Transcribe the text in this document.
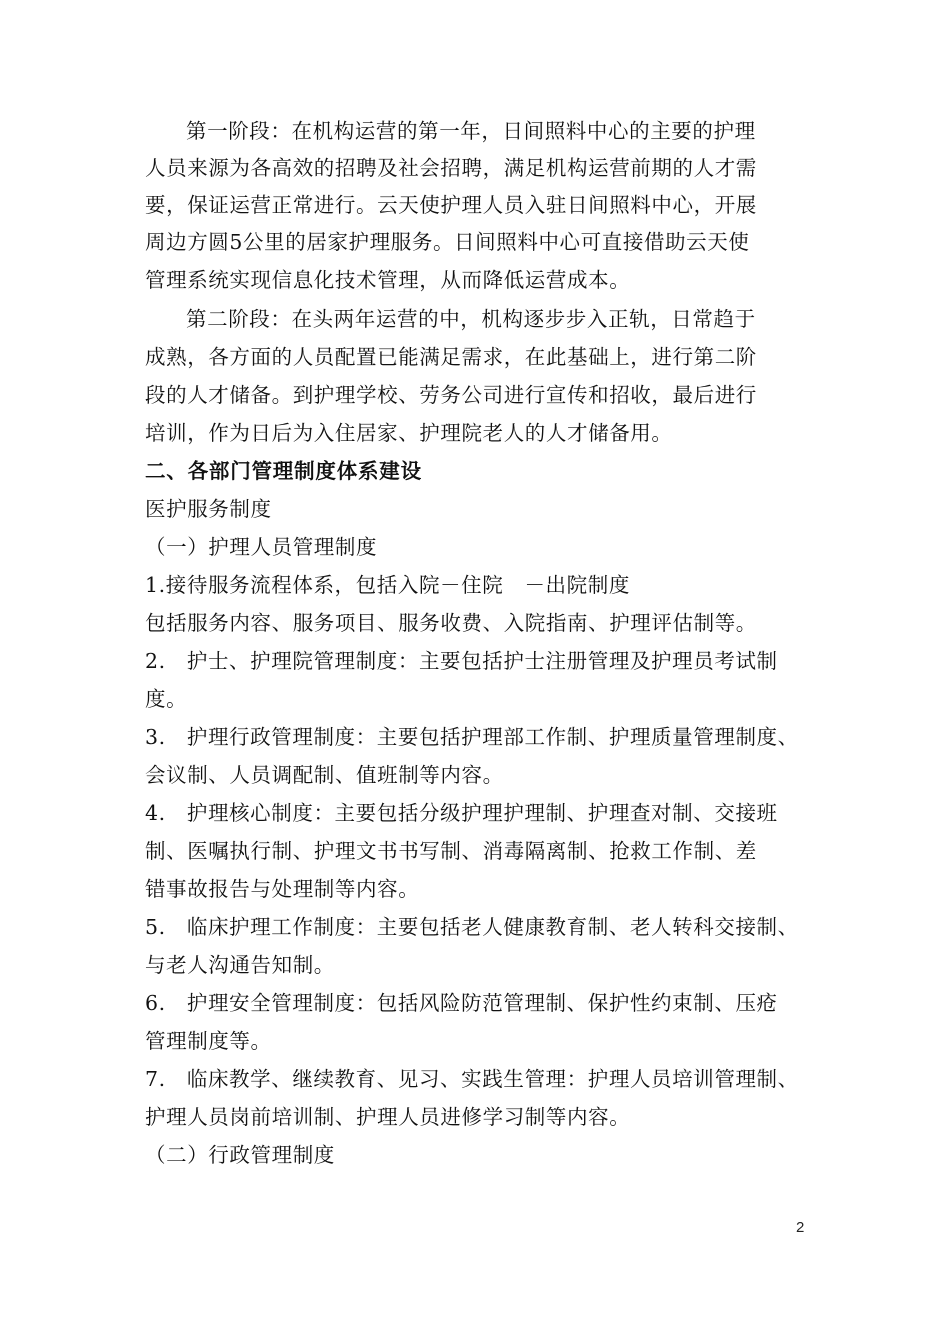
第一阶段：在机构运营的第一年，日间照料中心的主要的护理
人员来源为各高效的招聘及社会招聘，满足机构运营前期的人才需
要，保证运营正常进行。云天使护理人员入驻日间照料中心，开展
周边方圆5公里的居家护理服务。日间照料中心可直接借助云天使
管理系统实现信息化技术管理，从而降低运营成本。
第二阶段：在头两年运营的中，机构逐步步入正轨，日常趋于
成熟，各方面的人员配置已能满足需求，在此基础上，进行第二阶
段的人才储备。到护理学校、劳务公司进行宣传和招收，最后进行
培训，作为日后为入住居家、护理院老人的人才储备用。
二、各部门管理制度体系建设
医护服务制度
（一）护理人员管理制度
1.接待服务流程体系，包括入院－住院　－出院制度
包括服务内容、服务项目、服务收费、入院指南、护理评估制等。
2.　护士、护理院管理制度：主要包括护士注册管理及护理员考试制
度。
3.　护理行政管理制度：主要包括护理部工作制、护理质量管理制度、
会议制、人员调配制、值班制等内容。
4.　护理核心制度：主要包括分级护理护理制、护理查对制、交接班
制、医嘱执行制、护理文书书写制、消毒隔离制、抢救工作制、差
错事故报告与处理制等内容。
5.　临床护理工作制度：主要包括老人健康教育制、老人转科交接制、
与老人沟通告知制。
6.　护理安全管理制度：包括风险防范管理制、保护性约束制、压疮
管理制度等。
7.　临床教学、继续教育、见习、实践生管理：护理人员培训管理制、
护理人员岗前培训制、护理人员进修学习制等内容。
（二）行政管理制度
2
